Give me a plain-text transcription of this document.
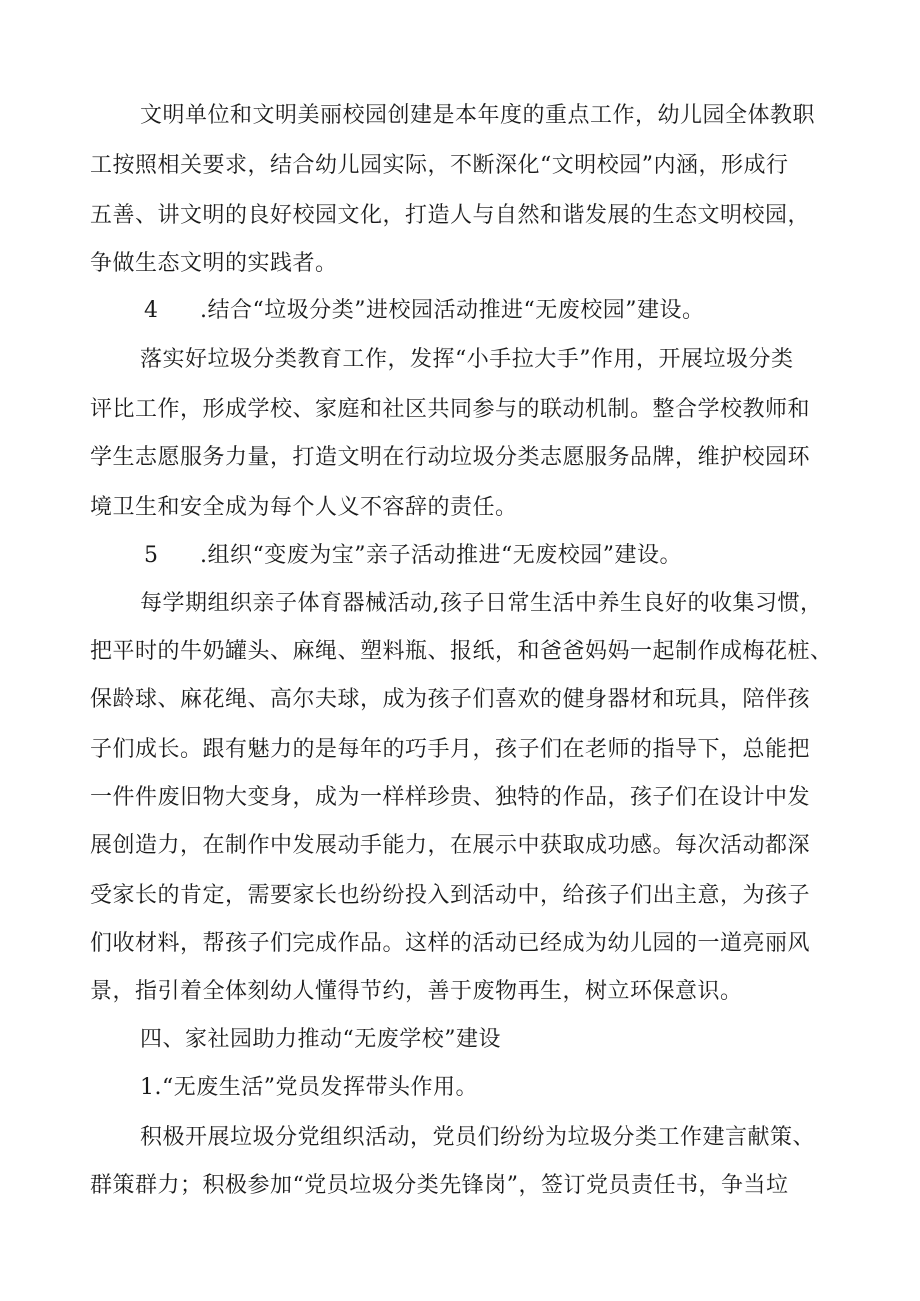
文明单位和文明美丽校园创建是本年度的重点工作，幼儿园全体教职
工按照相关要求，结合幼儿园实际，不断深化“文明校园”内涵，形成行
五善、讲文明的良好校园文化，打造人与自然和谐发展的生态文明校园，
争做生态文明的实践者。
4 .结合“垃圾分类”进校园活动推进“无废校园”建设。
落实好垃圾分类教育工作，发挥“小手拉大手”作用，开展垃圾分类
评比工作，形成学校、家庭和社区共同参与的联动机制。整合学校教师和
学生志愿服务力量，打造文明在行动垃圾分类志愿服务品牌，维护校园环
境卫生和安全成为每个人义不容辞的责任。
5 .组织“变废为宝”亲子活动推进“无废校园”建设。
每学期组织亲子体育器械活动,孩子日常生活中养生良好的收集习惯，
把平时的牛奶罐头、麻绳、塑料瓶、报纸，和爸爸妈妈一起制作成梅花桩、
保龄球、麻花绳、高尔夫球，成为孩子们喜欢的健身器材和玩具，陪伴孩
子们成长。跟有魅力的是每年的巧手月，孩子们在老师的指导下，总能把
一件件废旧物大变身，成为一样样珍贵、独特的作品，孩子们在设计中发
展创造力，在制作中发展动手能力，在展示中获取成功感。每次活动都深
受家长的肯定，需要家长也纷纷投入到活动中，给孩子们出主意，为孩子
们收材料，帮孩子们完成作品。这样的活动已经成为幼儿园的一道亮丽风
景，指引着全体刻幼人懂得节约，善于废物再生，树立环保意识。
四、家社园助力推动“无废学校”建设
1.“无废生活”党员发挥带头作用。
积极开展垃圾分党组织活动，党员们纷纷为垃圾分类工作建言献策、
群策群力；积极参加“党员垃圾分类先锋岗”，签订党员责任书，争当垃
